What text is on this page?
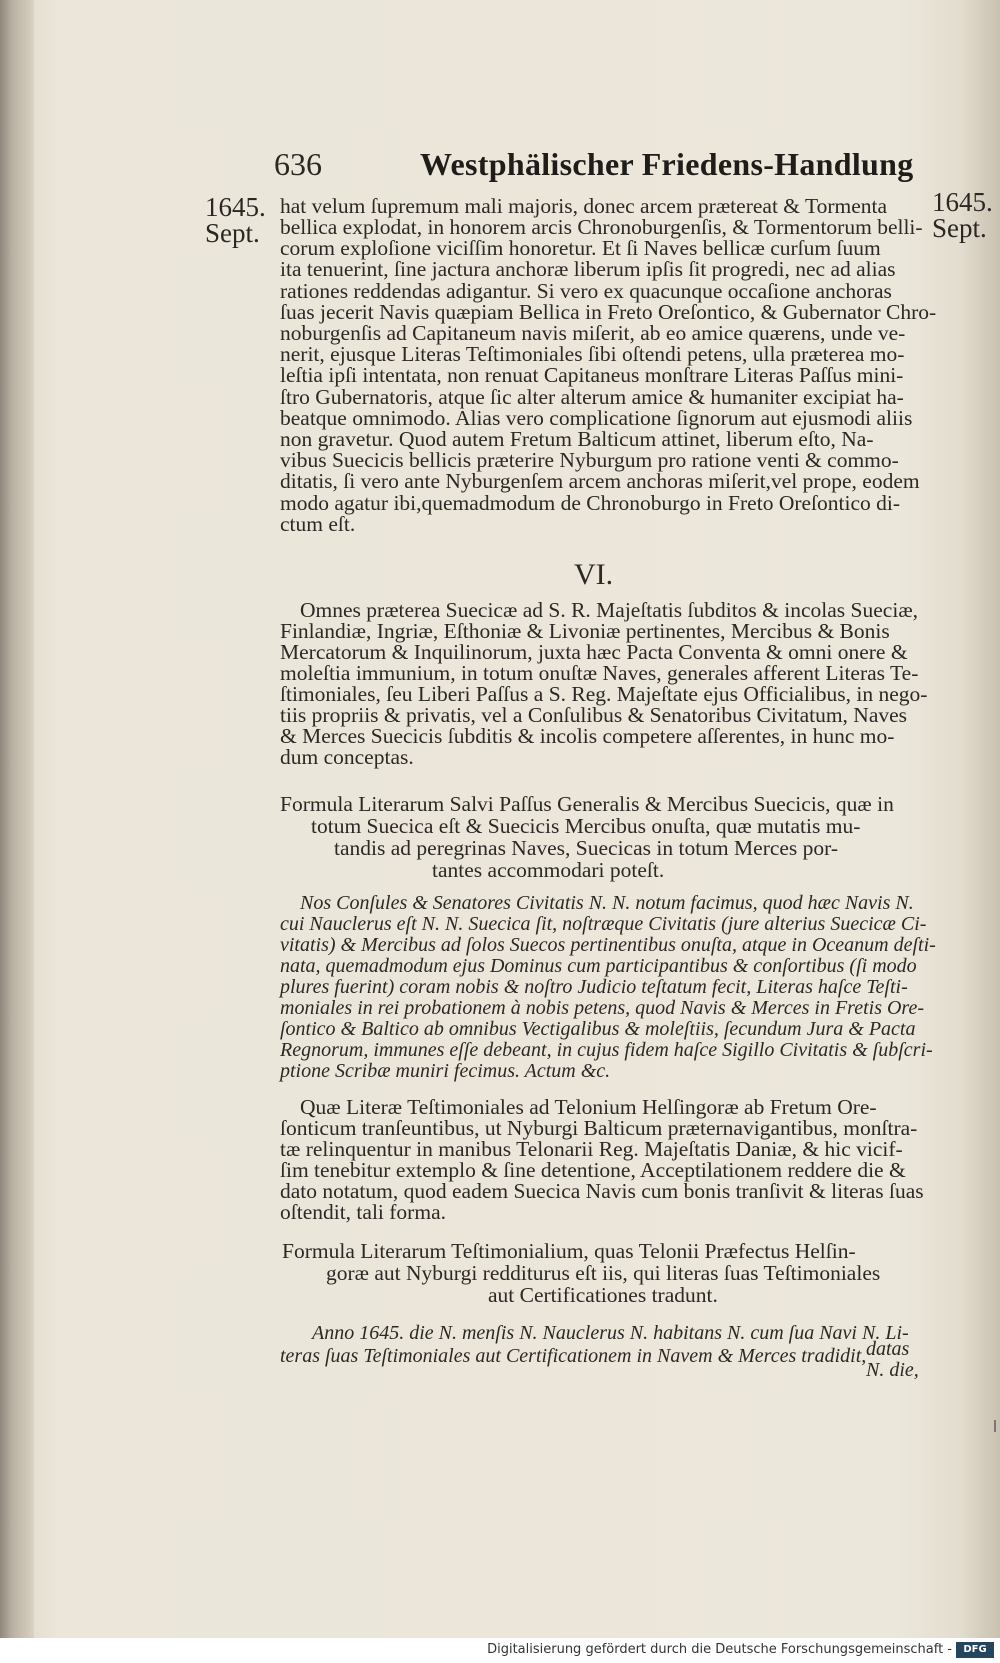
636	Westphälischer Friedens-Handlung
1645.
Sept.
1645.
Sept.
hat velum ſupremum mali majoris, donec arcem prætereat & Tormenta
bellica explodat, in honorem arcis Chronoburgenſis, & Tormentorum belli-
corum exploſione viciſſim honoretur. Et ſi Naves bellicæ curſum ſuum
ita tenuerint, ſine jactura anchoræ liberum ipſis ſit progredi, nec ad alias
rationes reddendas adigantur. Si vero ex quacunque occaſione anchoras
ſuas jecerit Navis quæpiam Bellica in Freto Oreſontico, & Gubernator Chro-
noburgenſis ad Capitaneum navis miſerit, ab eo amice quærens, unde ve-
nerit, ejusque Literas Teſtimoniales ſibi oſtendi petens, ulla præterea mo-
leſtia ipſi intentata, non renuat Capitaneus monſtrare Literas Paſſus mini-
ſtro Gubernatoris, atque ſic alter alterum amice & humaniter excipiat ha-
beatque omnimodo. Alias vero complicatione ſignorum aut ejusmodi aliis
non gravetur. Quod autem Fretum Balticum attinet, liberum eſto, Na-
vibus Suecicis bellicis præterire Nyburgum pro ratione venti & commo-
ditatis, ſi vero ante Nyburgenſem arcem anchoras miſerit,vel prope, eodem
modo agatur ibi,quemadmodum de Chronoburgo in Freto Oreſontico di-
ctum eſt.
VI.
Omnes præterea Suecicæ ad S. R. Majeſtatis ſubditos & incolas Sueciæ,
Finlandiæ, Ingriæ, Eſthoniæ & Livoniæ pertinentes, Mercibus & Bonis
Mercatorum & Inquilinorum, juxta hæc Pacta Conventa & omni onere &
moleſtia immunium, in totum onuſtæ Naves, generales afferent Literas Te-
ſtimoniales, ſeu Liberi Paſſus a S. Reg. Majeſtate ejus Officialibus, in nego-
tiis propriis & privatis, vel a Conſulibus & Senatoribus Civitatum, Naves
& Merces Suecicis ſubditis & incolis competere aſſerentes, in hunc mo-
dum conceptas.
Formula Literarum Salvi Paſſus Generalis & Mercibus Suecicis, quæ in
totum Suecica eſt & Suecicis Mercibus onuſta, quæ mutatis mu-
tandis ad peregrinas Naves, Suecicas in totum Merces por-
tantes accommodari poteſt.
Nos Conſules & Senatores Civitatis N. N. notum facimus, quod hæc Navis N.
cui Nauclerus eſt N. N. Suecica ſit, noſtræque Civitatis (jure alterius Suecicæ Ci-
vitatis) & Mercibus ad ſolos Suecos pertinentibus onuſta, atque in Oceanum deſti-
nata, quemadmodum ejus Dominus cum participantibus & conſortibus (ſi modo
plures fuerint) coram nobis & noſtro Judicio teſtatum fecit, Literas haſce Teſti-
moniales in rei probationem à nobis petens, quod Navis & Merces in Fretis Ore-
ſontico & Baltico ab omnibus Vectigalibus & moleſtiis, ſecundum Jura & Pacta
Regnorum, immunes eſſe debeant, in cujus fidem haſce Sigillo Civitatis & ſubſcri-
ptione Scribæ muniri fecimus. Actum &c.
Quæ Literæ Teſtimoniales ad Telonium Helſingoræ ab Fretum Ore-
ſonticum tranſeuntibus, ut Nyburgi Balticum præternavigantibus, monſtra-
tæ relinquentur in manibus Telonarii Reg. Majeſtatis Daniæ, & hic vicif-
ſim tenebitur extemplo & ſine detentione, Acceptilationem reddere die &
dato notatum, quod eadem Suecica Navis cum bonis tranſivit & literas ſuas
oſtendit, tali forma.
Formula Literarum Teſtimonialium, quas Telonii Præfectus Helſin-
goræ aut Nyburgi redditurus eſt iis, qui literas ſuas Teſtimoniales
aut Certificationes tradunt.
Anno 1645. die N. menſis N. Nauclerus N. habitans N. cum ſua Navi N. Li-
teras ſuas Teſtimoniales aut Certificationem in Navem & Merces tradidit, datas
N. die,
Digitalisierung gefördert durch die Deutsche Forschungsgemeinschaft -	DFG
